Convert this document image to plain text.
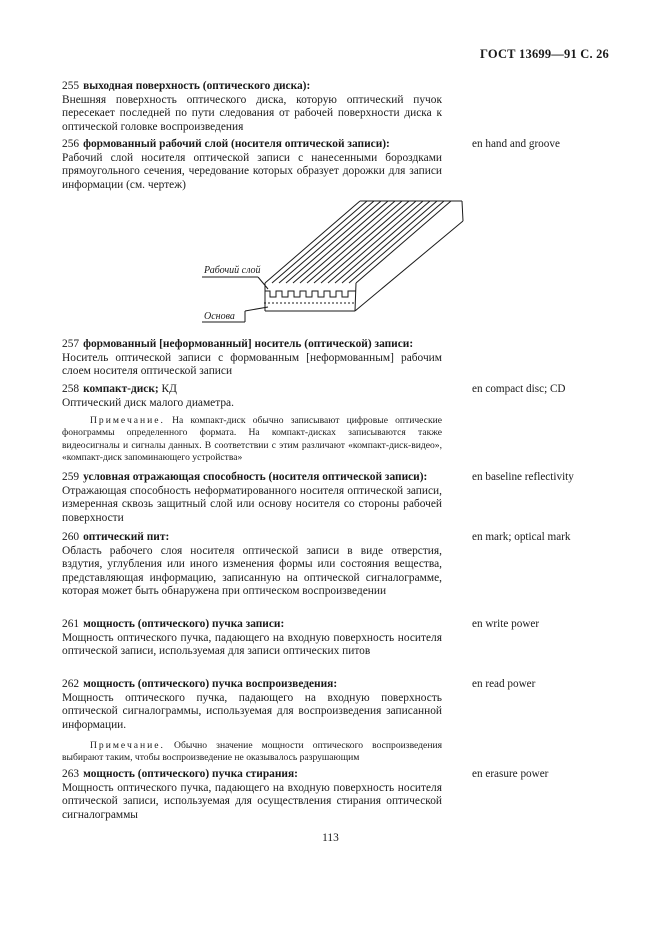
ГОСТ 13699—91 С. 26
255 выходная поверхность (оптического диска):
Внешняя поверхность оптического диска, которую оптический пучок пересекает последней по пути следования от рабочей поверхности диска к оптической головке воспроизведения
256 формованный рабочий слой (носителя оптической записи):
Рабочий слой носителя оптической записи с нанесенными бороздками прямоугольного сечения, чередование которых образует дорожки для записи информации (см. чертеж)
en hand and groove
Рабочий слой
Основа
257 формованный [неформованный] носитель (оптической) записи:
Носитель оптической записи с формованным [неформованным] рабочим слоем носителя оптической записи
258 компакт-диск; КД
Оптический диск малого диаметра.
en compact disc; CD
Примечание. На компакт-диск обычно записывают цифровые оптические фонограммы определенного формата. На компакт-дисках записываются также видеосигналы и сигналы данных. В соответствии с этим различают «компакт-диск-видео», «компакт-диск запоминающего устройства»
259 условная отражающая способность (носителя оптической записи):
Отражающая способность неформатированного носителя оптической записи, измеренная сквозь защитный слой или основу носителя со стороны рабочей поверхности
en baseline reflectivity
260 оптический пит:
Область рабочего слоя носителя оптической записи в виде отверстия, вздутия, углубления или иного изменения формы или состояния вещества, представляющая информацию, записанную на оптической сигналограмме, которая может быть обнаружена при оптическом воспроизведении
en mark; optical mark
261 мощность (оптического) пучка записи:
Мощность оптического пучка, падающего на входную поверхность носителя оптической записи, используемая для записи оптических питов
en write power
262 мощность (оптического) пучка воспроизведения:
Мощность оптического пучка, падающего на входную поверхность оптической сигналограммы, используемая для воспроизведения записанной информации.
en read power
Примечание. Обычно значение мощности оптического воспроизведения выбирают таким, чтобы воспроизведение не оказывалось разрушающим
263 мощность (оптического) пучка стирания:
Мощность оптического пучка, падающего на входную поверхность носителя оптической записи, используемая для осуществления стирания оптической сигналограммы
en erasure power
113
